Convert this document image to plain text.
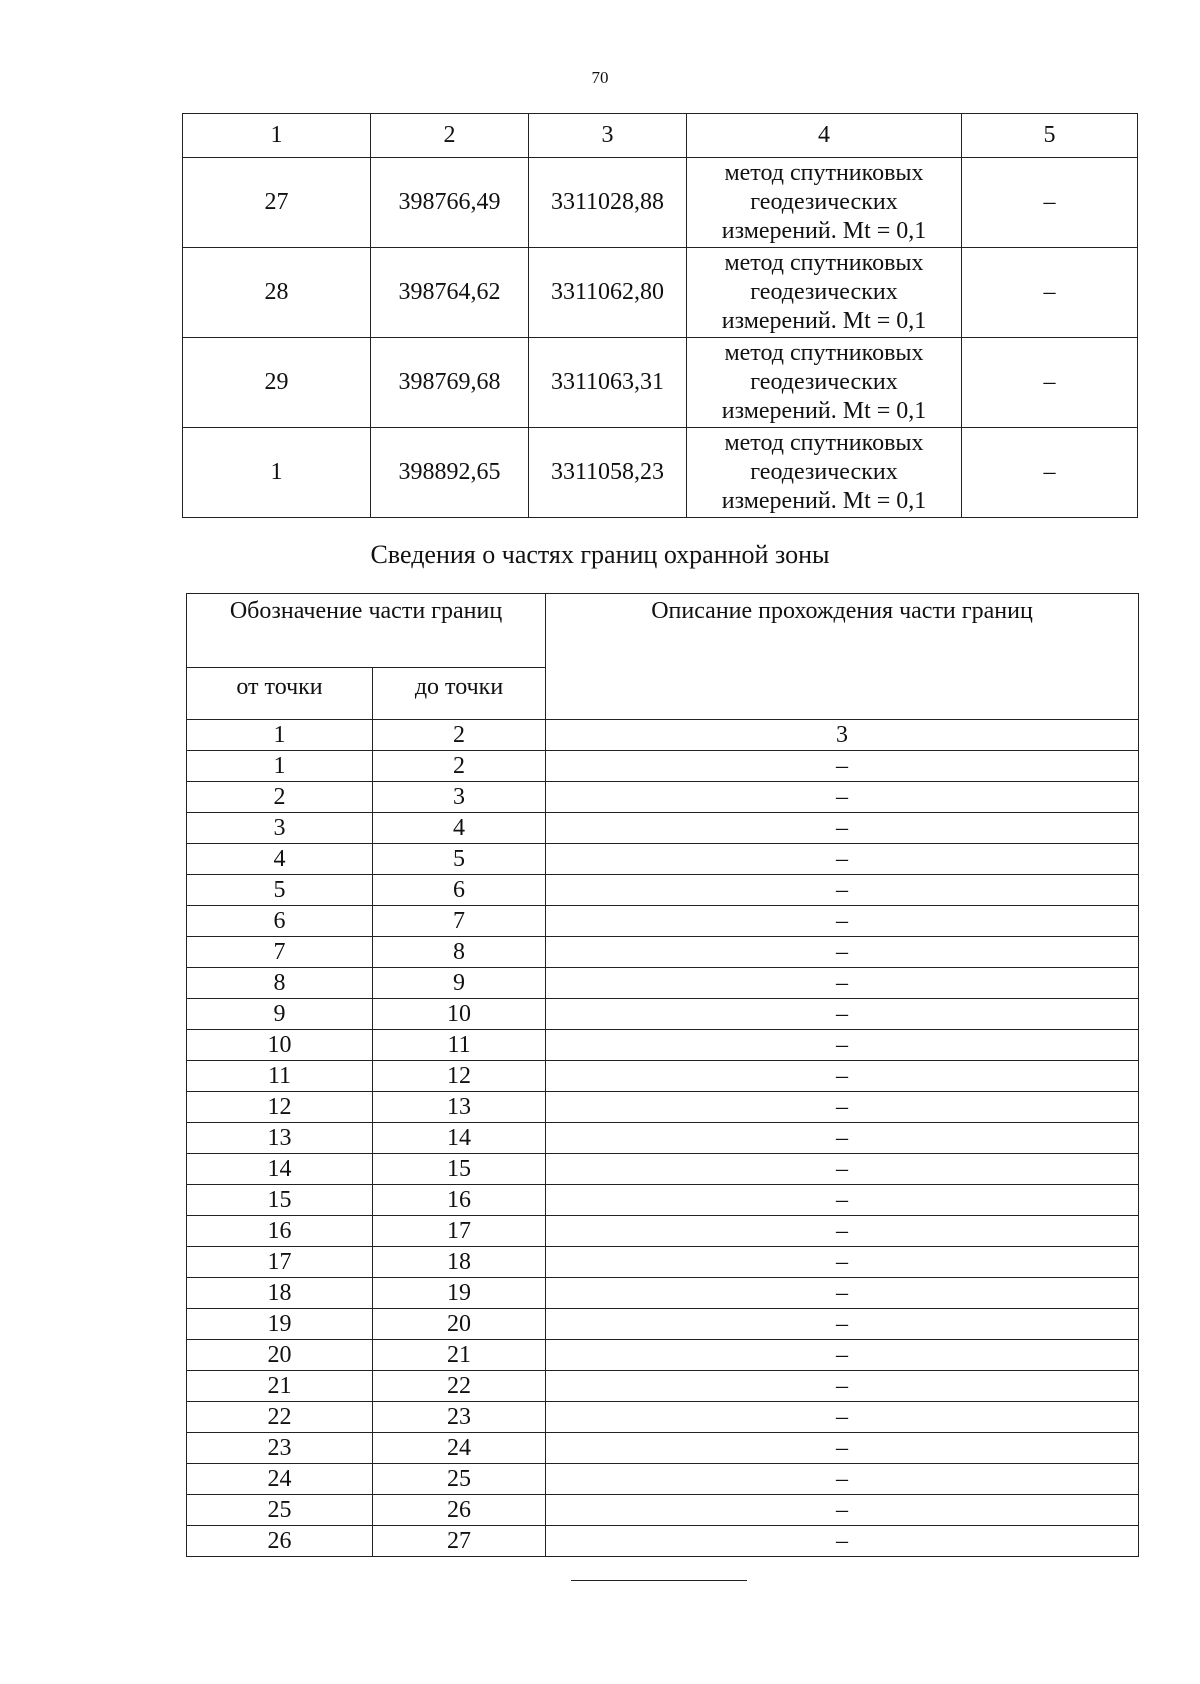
70
1	2	3	4	5
27	398766,49	3311028,88	метод спутниковых
геодезических
измерений. Mt = 0,1	–
28	398764,62	3311062,80	метод спутниковых
геодезических
измерений. Mt = 0,1	–
29	398769,68	3311063,31	метод спутниковых
геодезических
измерений. Mt = 0,1	–
1	398892,65	3311058,23	метод спутниковых
геодезических
измерений. Mt = 0,1	–
Сведения о частях границ охранной зоны
Обозначение части границ		Описание прохождения части границ
от точки	до точки	
1	2	3
1	2	–
2	3	–
3	4	–
4	5	–
5	6	–
6	7	–
7	8	–
8	9	–
9	10	–
10	11	–
11	12	–
12	13	–
13	14	–
14	15	–
15	16	–
16	17	–
17	18	–
18	19	–
19	20	–
20	21	–
21	22	–
22	23	–
23	24	–
24	25	–
25	26	–
26	27	–
